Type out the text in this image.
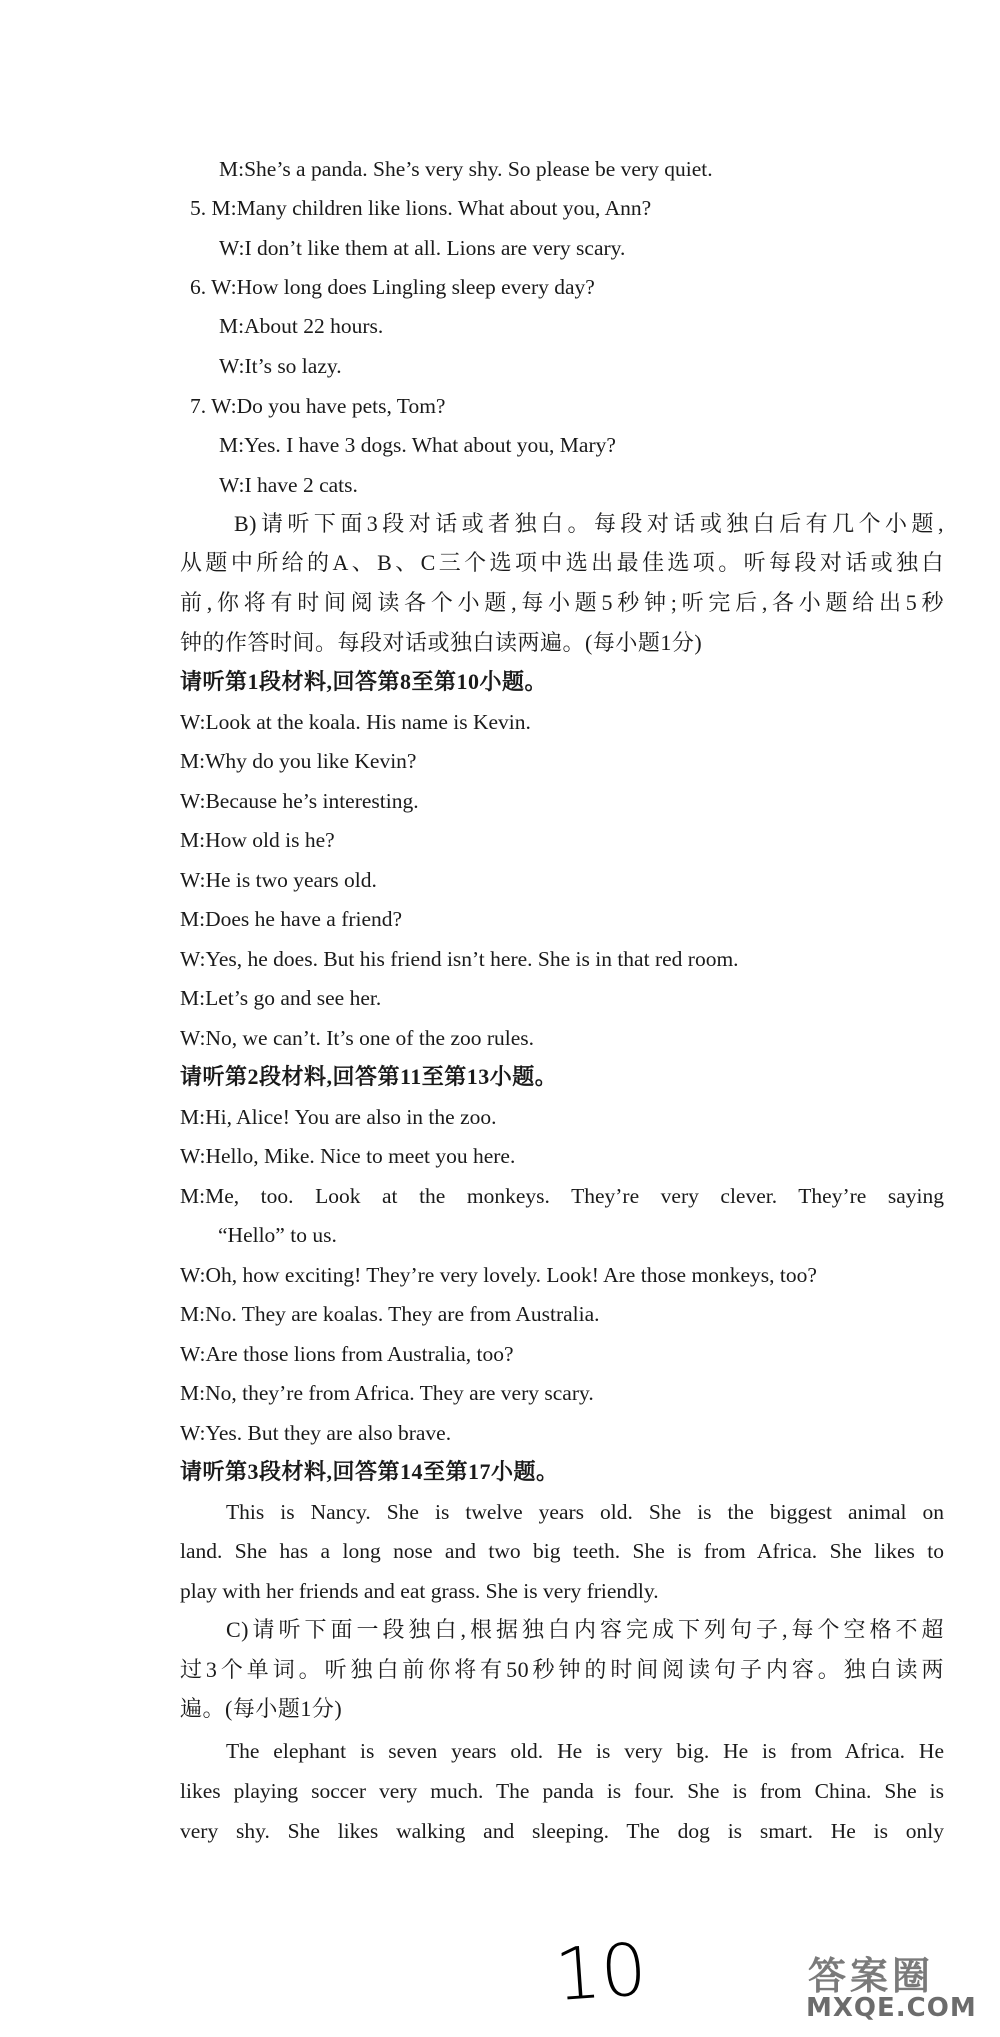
M:She’s a panda. She’s very shy. So please be very quiet.
5. M:Many children like lions. What about you, Ann?
W:I don’t like them at all. Lions are very scary.
6. W:How long does Lingling sleep every day?
M:About 22 hours.
W:It’s so lazy.
7. W:Do you have pets, Tom?
M:Yes. I have 3 dogs. What about you, Mary?
W:I have 2 cats.
B)请听下面3段对话或者独白。每段对话或独白后有几个小题,
从题中所给的A、B、C三个选项中选出最佳选项。听每段对话或独白
前,你将有时间阅读各个小题,每小题5秒钟;听完后,各小题给出5秒
钟的作答时间。每段对话或独白读两遍。(每小题1分)
请听第1段材料,回答第8至第10小题。
W:Look at the koala. His name is Kevin.
M:Why do you like Kevin?
W:Because he’s interesting.
M:How old is he?
W:He is two years old.
M:Does he have a friend?
W:Yes, he does. But his friend isn’t here. She is in that red room.
M:Let’s go and see her.
W:No, we can’t. It’s one of the zoo rules.
请听第2段材料,回答第11至第13小题。
M:Hi, Alice! You are also in the zoo.
W:Hello, Mike. Nice to meet you here.
M:Me, too. Look at the monkeys. They’re very clever. They’re saying
“Hello” to us.
W:Oh, how exciting! They’re very lovely. Look! Are those monkeys, too?
M:No. They are koalas. They are from Australia.
W:Are those lions from Australia, too?
M:No, they’re from Africa. They are very scary.
W:Yes. But they are also brave.
请听第3段材料,回答第14至第17小题。
This is Nancy. She is twelve years old. She is the biggest animal on
land. She has a long nose and two big teeth. She is from Africa. She likes to
play with her friends and eat grass. She is very friendly.
C)请听下面一段独白,根据独白内容完成下列句子,每个空格不超
过3个单词。听独白前你将有50秒钟的时间阅读句子内容。独白读两
遍。(每小题1分)
The elephant is seven years old. He is very big. He is from Africa. He
likes playing soccer very much. The panda is four. She is from China. She is
very shy. She likes walking and sleeping. The dog is smart. He is only
10	答案圈
MXQE.COM
